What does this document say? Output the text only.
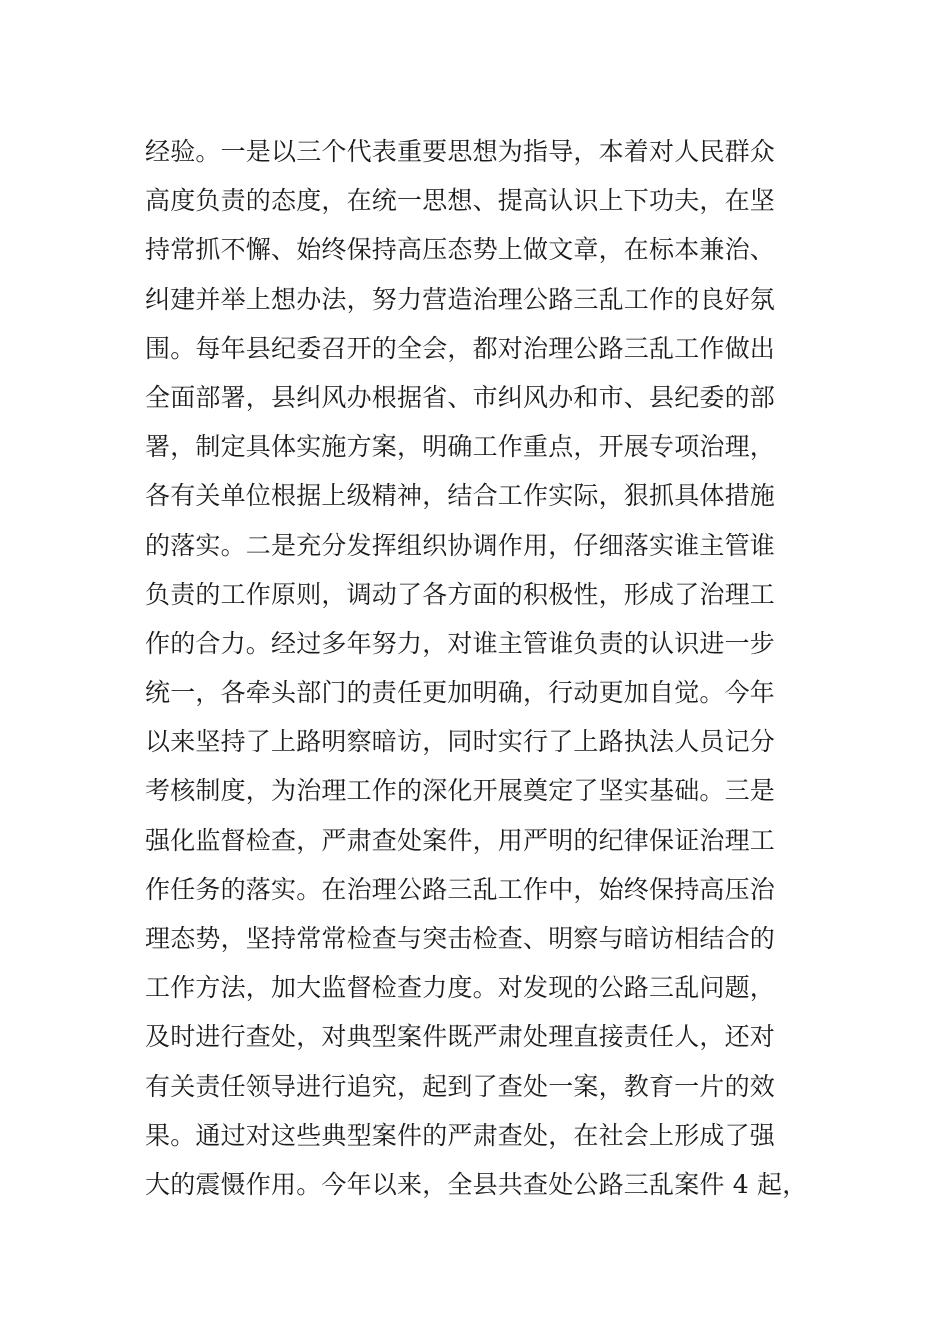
经验。一是以三个代表重要思想为指导，本着对人民群众
高度负责的态度，在统一思想、提高认识上下功夫，在坚
持常抓不懈、始终保持高压态势上做文章，在标本兼治、
纠建并举上想办法，努力营造治理公路三乱工作的良好氛
围。每年县纪委召开的全会，都对治理公路三乱工作做出
全面部署，县纠风办根据省、市纠风办和市、县纪委的部
署，制定具体实施方案，明确工作重点，开展专项治理，
各有关单位根据上级精神，结合工作实际，狠抓具体措施
的落实。二是充分发挥组织协调作用，仔细落实谁主管谁
负责的工作原则，调动了各方面的积极性，形成了治理工
作的合力。经过多年努力，对谁主管谁负责的认识进一步
统一，各牵头部门的责任更加明确，行动更加自觉。今年
以来坚持了上路明察暗访，同时实行了上路执法人员记分
考核制度，为治理工作的深化开展奠定了坚实基础。三是
强化监督检查，严肃查处案件，用严明的纪律保证治理工
作任务的落实。在治理公路三乱工作中，始终保持高压治
理态势，坚持常常检查与突击检查、明察与暗访相结合的
工作方法，加大监督检查力度。对发现的公路三乱问题，
及时进行查处，对典型案件既严肃处理直接责任人，还对
有关责任领导进行追究，起到了查处一案，教育一片的效
果。通过对这些典型案件的严肃查处，在社会上形成了强
大的震慑作用。今年以来，全县共查处公路三乱案件 4 起，
